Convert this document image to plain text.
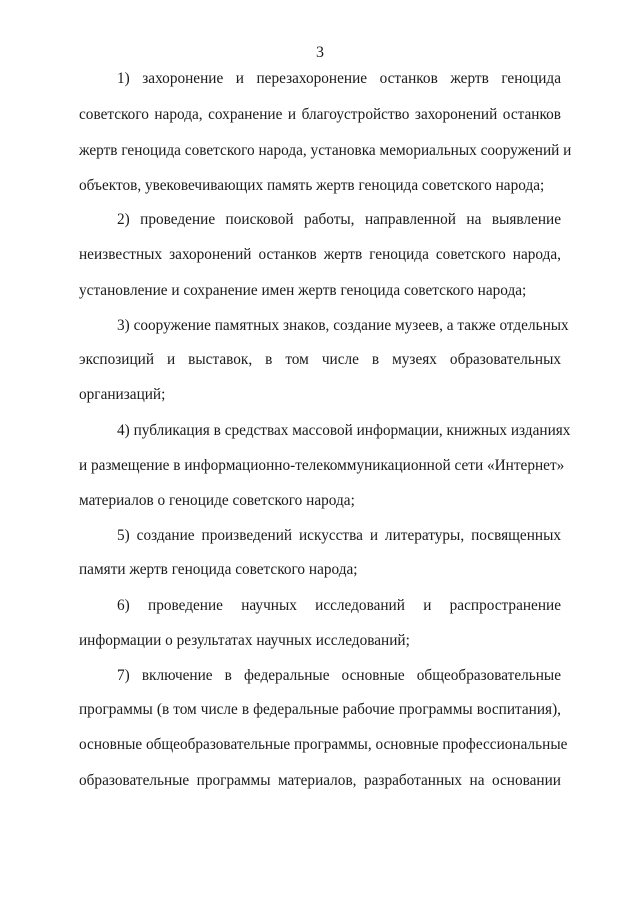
3
1) захоронение и перезахоронение останков жертв геноцида
советского народа, сохранение и благоустройство захоронений останков
жертв геноцида советского народа, установка мемориальных сооружений и
объектов, увековечивающих память жертв геноцида советского народа;
2) проведение поисковой работы, направленной на выявление
неизвестных захоронений останков жертв геноцида советского народа,
установление и сохранение имен жертв геноцида советского народа;
3) сооружение памятных знаков, создание музеев, а также отдельных
экспозиций и выставок, в том числе в музеях образовательных
организаций;
4) публикация в средствах массовой информации, книжных изданиях
и размещение в информационно-телекоммуникационной сети «Интернет»
материалов о геноциде советского народа;
5) создание произведений искусства и литературы, посвященных
памяти жертв геноцида советского народа;
6) проведение научных исследований и распространение
информации о результатах научных исследований;
7) включение в федеральные основные общеобразовательные
программы (в том числе в федеральные рабочие программы воспитания),
основные общеобразовательные программы, основные профессиональные
образовательные программы материалов, разработанных на основании
